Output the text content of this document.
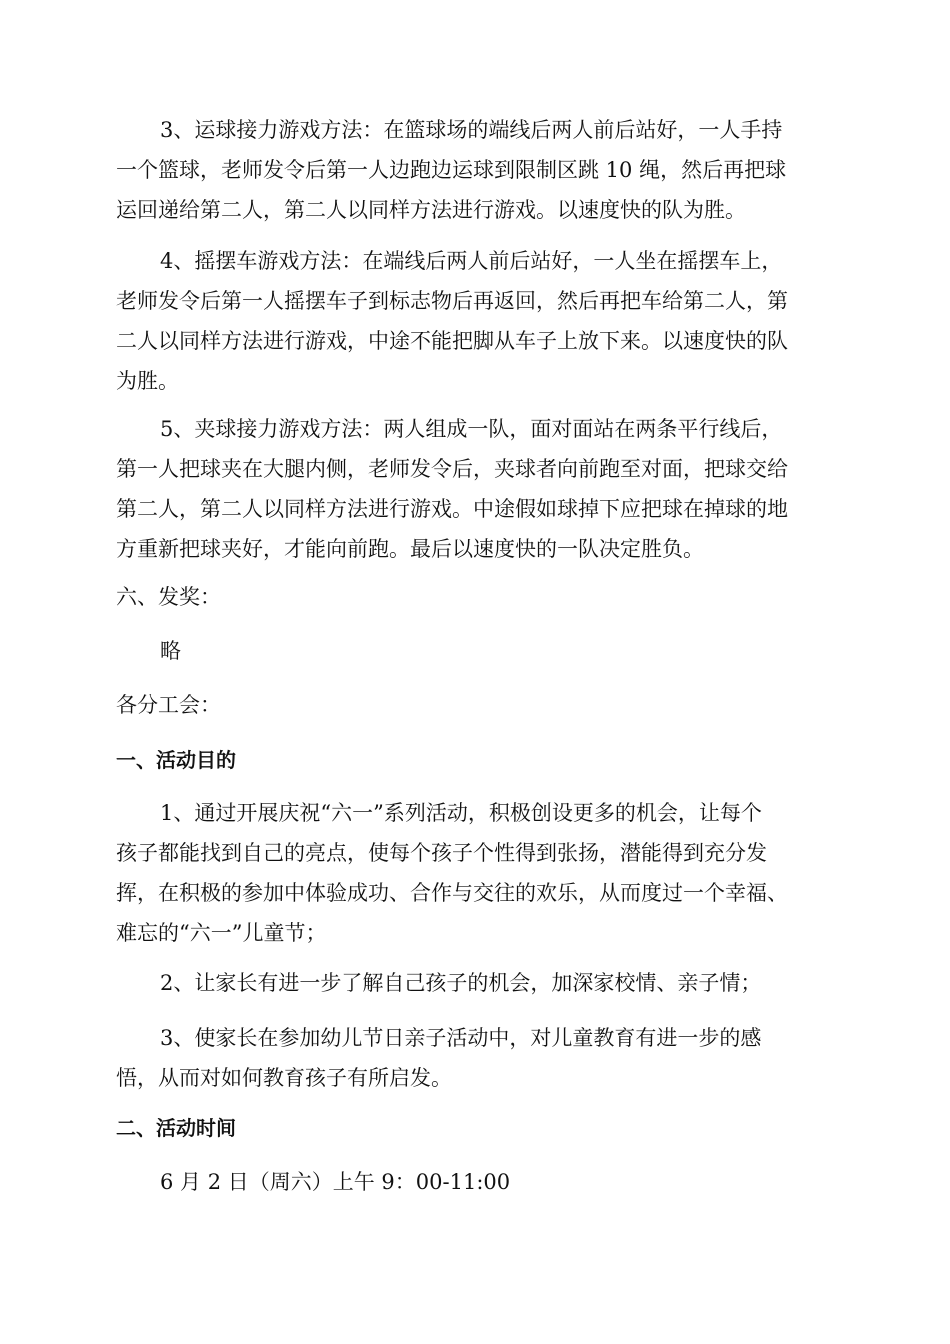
3、运球接力游戏方法：在篮球场的端线后两人前后站好，一人手持
一个篮球，老师发令后第一人边跑边运球到限制区跳 10 绳，然后再把球
运回递给第二人，第二人以同样方法进行游戏。以速度快的队为胜。
4、摇摆车游戏方法：在端线后两人前后站好，一人坐在摇摆车上，
老师发令后第一人摇摆车子到标志物后再返回，然后再把车给第二人，第
二人以同样方法进行游戏，中途不能把脚从车子上放下来。以速度快的队
为胜。
5、夹球接力游戏方法：两人组成一队，面对面站在两条平行线后，
第一人把球夹在大腿内侧，老师发令后，夹球者向前跑至对面，把球交给
第二人，第二人以同样方法进行游戏。中途假如球掉下应把球在掉球的地
方重新把球夹好，才能向前跑。最后以速度快的一队决定胜负。

六、发奖：

略

各分工会：

一、活动目的

1、通过开展庆祝“六一”系列活动，积极创设更多的机会，让每个
孩子都能找到自己的亮点，使每个孩子个性得到张扬，潜能得到充分发
挥，在积极的参加中体验成功、合作与交往的欢乐，从而度过一个幸福、
难忘的“六一”儿童节；
2、让家长有进一步了解自己孩子的机会，加深家校情、亲子情；
3、使家长在参加幼儿节日亲子活动中，对儿童教育有进一步的感
悟，从而对如何教育孩子有所启发。

二、活动时间

6 月 2 日（周六）上午 9：00-11:00
